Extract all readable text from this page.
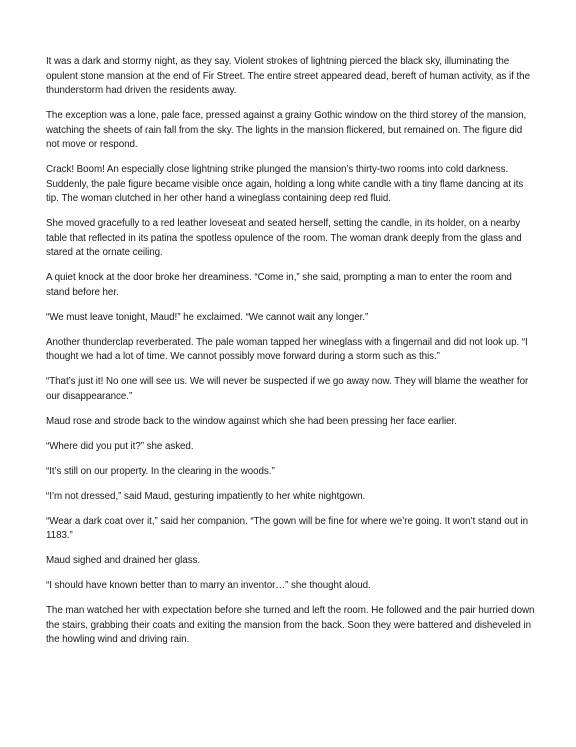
It was a dark and stormy night, as they say. Violent strokes of lightning pierced the black sky, illuminating the opulent stone mansion at the end of Fir Street. The entire street appeared dead, bereft of human activity, as if the thunderstorm had driven the residents away.

The exception was a lone, pale face, pressed against a grainy Gothic window on the third storey of the mansion, watching the sheets of rain fall from the sky. The lights in the mansion flickered, but remained on. The figure did not move or respond.

Crack! Boom! An especially close lightning strike plunged the mansion’s thirty-two rooms into cold darkness. Suddenly, the pale figure became visible once again, holding a long white candle with a tiny flame dancing at its tip. The woman clutched in her other hand a wineglass containing deep red fluid.

She moved gracefully to a red leather loveseat and seated herself, setting the candle, in its holder, on a nearby table that reflected in its patina the spotless opulence of the room. The woman drank deeply from the glass and stared at the ornate ceiling.

A quiet knock at the door broke her dreaminess. “Come in,” she said, prompting a man to enter the room and stand before her.

“We must leave tonight, Maud!” he exclaimed. “We cannot wait any longer.”

Another thunderclap reverberated. The pale woman tapped her wineglass with a fingernail and did not look up. “I thought we had a lot of time. We cannot possibly move forward during a storm such as this.”

“That’s just it! No one will see us. We will never be suspected if we go away now. They will blame the weather for our disappearance.”

Maud rose and strode back to the window against which she had been pressing her face earlier.

“Where did you put it?” she asked.

“It’s still on our property. In the clearing in the woods.”

“I’m not dressed,” said Maud, gesturing impatiently to her white nightgown.

“Wear a dark coat over it,” said her companion. “The gown will be fine for where we’re going. It won’t stand out in 1183.”

Maud sighed and drained her glass.

“I should have known better than to marry an inventor…” she thought aloud.

The man watched her with expectation before she turned and left the room. He followed and the pair hurried down the stairs, grabbing their coats and exiting the mansion from the back. Soon they were battered and disheveled in the howling wind and driving rain.
